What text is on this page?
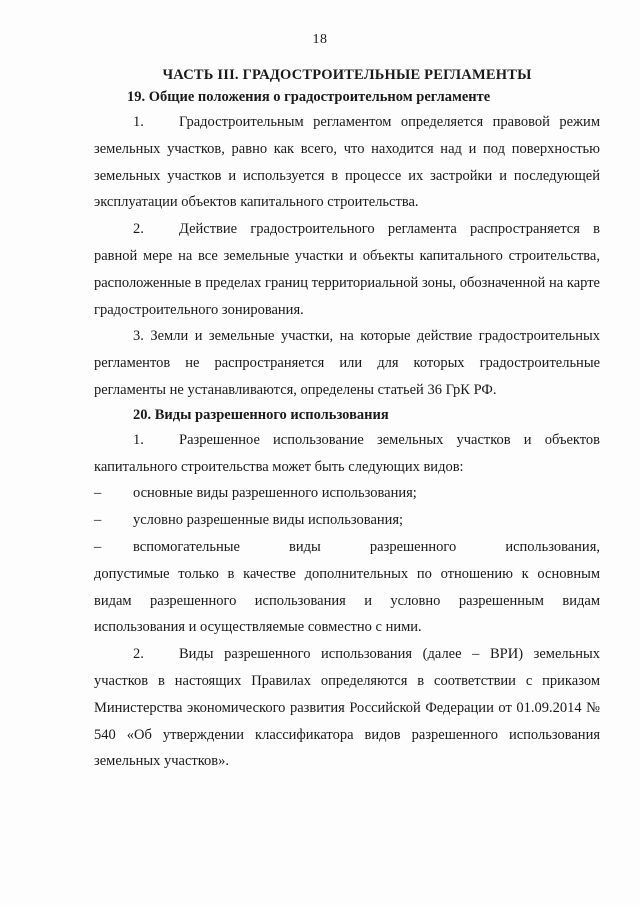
18

ЧАСТЬ III. ГРАДОСТРОИТЕЛЬНЫЕ РЕГЛАМЕНТЫ

19. Общие положения о градостроительном регламенте

1. Градостроительным регламентом определяется правовой режим земельных участков, равно как всего, что находится над и под поверхностью земельных участков и используется в процессе их застройки и последующей эксплуатации объектов капитального строительства.

2. Действие градостроительного регламента распространяется в равной мере на все земельные участки и объекты капитального строительства, расположенные в пределах границ территориальной зоны, обозначенной на карте градостроительного зонирования.

3. Земли и земельные участки, на которые действие градостроительных регламентов не распространяется или для которых градостроительные регламенты не устанавливаются, определены статьей 36 ГрК РФ.

20. Виды разрешенного использования

1. Разрешенное использование земельных участков и объектов капитального строительства может быть следующих видов:

–	основные виды разрешенного использования;
–	условно разрешенные виды использования;
–	вспомогательные виды разрешенного использования,

допустимые только в качестве дополнительных по отношению к основным видам разрешенного использования и условно разрешенным видам использования и осуществляемые совместно с ними.

2. Виды разрешенного использования (далее – ВРИ) земельных участков в настоящих Правилах определяются в соответствии с приказом Министерства экономического развития Российской Федерации от 01.09.2014 № 540 «Об утверждении классификатора видов разрешенного использования земельных участков».
